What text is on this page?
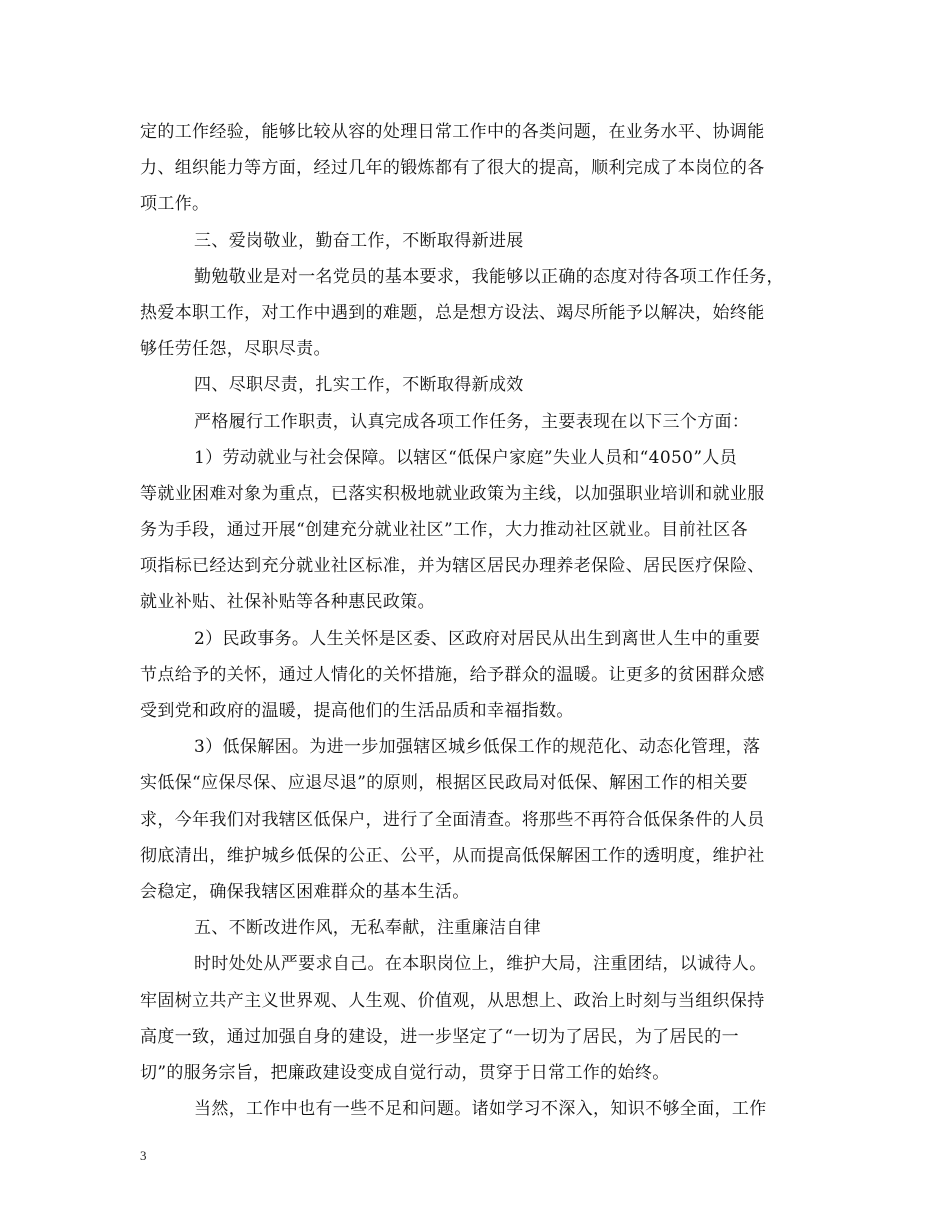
定的工作经验，能够比较从容的处理日常工作中的各类问题，在业务水平、协调能
力、组织能力等方面，经过几年的锻炼都有了很大的提高，顺利完成了本岗位的各
项工作。
三、爱岗敬业，勤奋工作，不断取得新进展
勤勉敬业是对一名党员的基本要求，我能够以正确的态度对待各项工作任务，
热爱本职工作，对工作中遇到的难题，总是想方设法、竭尽所能予以解决，始终能
够任劳任怨，尽职尽责。
四、尽职尽责，扎实工作，不断取得新成效
严格履行工作职责，认真完成各项工作任务，主要表现在以下三个方面：
1）劳动就业与社会保障。以辖区“低保户家庭”失业人员和“4050”人员
等就业困难对象为重点，已落实积极地就业政策为主线，以加强职业培训和就业服
务为手段，通过开展“创建充分就业社区”工作，大力推动社区就业。目前社区各
项指标已经达到充分就业社区标准，并为辖区居民办理养老保险、居民医疗保险、
就业补贴、社保补贴等各种惠民政策。
2）民政事务。人生关怀是区委、区政府对居民从出生到离世人生中的重要
节点给予的关怀，通过人情化的关怀措施，给予群众的温暖。让更多的贫困群众感
受到党和政府的温暖，提高他们的生活品质和幸福指数。
3）低保解困。为进一步加强辖区城乡低保工作的规范化、动态化管理，落
实低保“应保尽保、应退尽退”的原则，根据区民政局对低保、解困工作的相关要
求，今年我们对我辖区低保户，进行了全面清查。将那些不再符合低保条件的人员
彻底清出，维护城乡低保的公正、公平，从而提高低保解困工作的透明度，维护社
会稳定，确保我辖区困难群众的基本生活。
五、不断改进作风，无私奉献，注重廉洁自律
时时处处从严要求自己。在本职岗位上，维护大局，注重团结，以诚待人。
牢固树立共产主义世界观、人生观、价值观，从思想上、政治上时刻与当组织保持
高度一致，通过加强自身的建设，进一步坚定了“一切为了居民，为了居民的一
切”的服务宗旨，把廉政建设变成自觉行动，贯穿于日常工作的始终。
当然，工作中也有一些不足和问题。诸如学习不深入，知识不够全面，工作
3
